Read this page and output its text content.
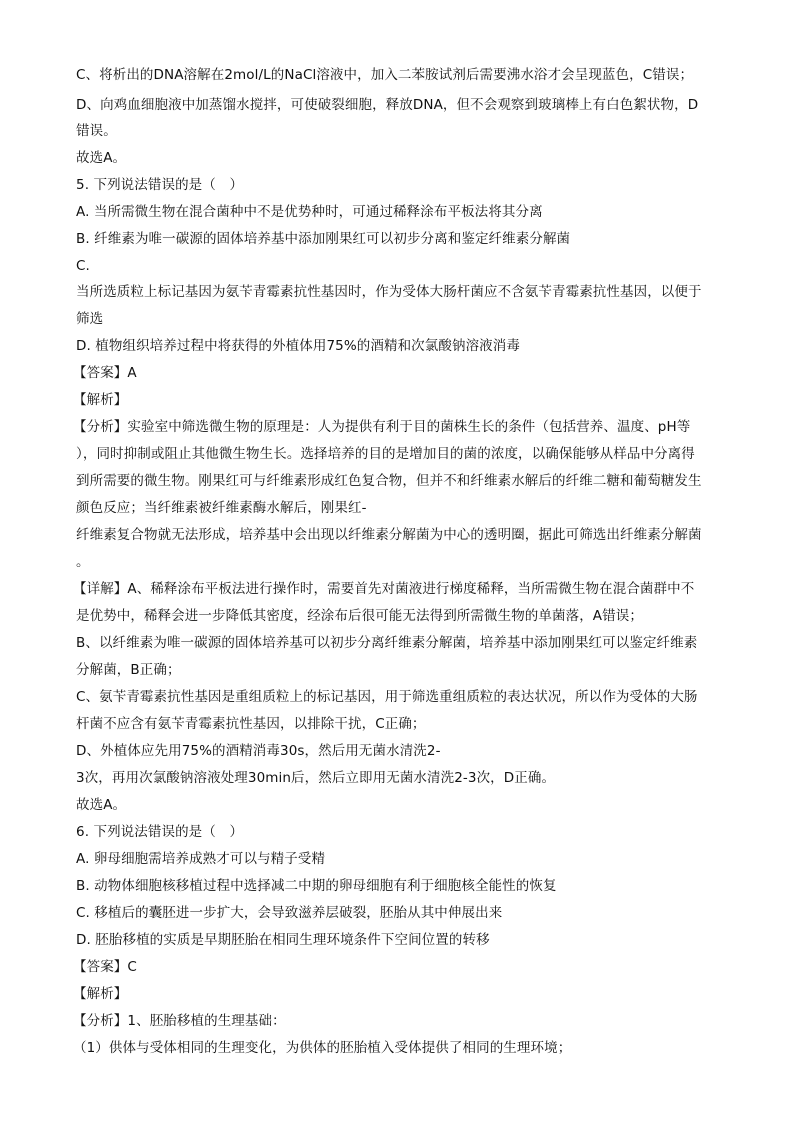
C、将析出的DNA溶解在2mol/L的NaCl溶液中，加入二苯胺试剂后需要沸水浴才会呈现蓝色，C错误；
D、向鸡血细胞液中加蒸馏水搅拌，可使破裂细胞，释放DNA，但不会观察到玻璃棒上有白色絮状物，D
错误。
故选A。
5. 下列说法错误的是（　）
A. 当所需微生物在混合菌种中不是优势种时，可通过稀释涂布平板法将其分离
B. 纤维素为唯一碳源的固体培养基中添加刚果红可以初步分离和鉴定纤维素分解菌
C.
当所选质粒上标记基因为氨苄青霉素抗性基因时，作为受体大肠杆菌应不含氨苄青霉素抗性基因，以便于
筛选
D. 植物组织培养过程中将获得的外植体用75%的酒精和次氯酸钠溶液消毒
【答案】A
【解析】
【分析】实验室中筛选微生物的原理是：人为提供有利于目的菌株生长的条件（包括营养、温度、pH等
），同时抑制或阻止其他微生物生长。选择培养的目的是增加目的菌的浓度，以确保能够从样品中分离得
到所需要的微生物。刚果红可与纤维素形成红色复合物，但并不和纤维素水解后的纤维二糖和葡萄糖发生
颜色反应；当纤维素被纤维素酶水解后，刚果红-
纤维素复合物就无法形成，培养基中会出现以纤维素分解菌为中心的透明圈，据此可筛选出纤维素分解菌
。
【详解】A、稀释涂布平板法进行操作时，需要首先对菌液进行梯度稀释，当所需微生物在混合菌群中不
是优势中，稀释会进一步降低其密度，经涂布后很可能无法得到所需微生物的单菌落，A错误；
B、以纤维素为唯一碳源的固体培养基可以初步分离纤维素分解菌，培养基中添加刚果红可以鉴定纤维素
分解菌，B正确；
C、氨苄青霉素抗性基因是重组质粒上的标记基因，用于筛选重组质粒的表达状况，所以作为受体的大肠
杆菌不应含有氨苄青霉素抗性基因，以排除干扰，C正确；
D、外植体应先用75%的酒精消毒30s，然后用无菌水清洗2-
3次，再用次氯酸钠溶液处理30min后，然后立即用无菌水清洗2-3次，D正确。
故选A。
6. 下列说法错误的是（　）
A. 卵母细胞需培养成熟才可以与精子受精
B. 动物体细胞核移植过程中选择减二中期的卵母细胞有利于细胞核全能性的恢复
C. 移植后的囊胚进一步扩大，会导致滋养层破裂，胚胎从其中伸展出来
D. 胚胎移植的实质是早期胚胎在相同生理环境条件下空间位置的转移
【答案】C
【解析】
【分析】1、胚胎移植的生理基础：
（1）供体与受体相同的生理变化，为供体的胚胎植入受体提供了相同的生理环境；
